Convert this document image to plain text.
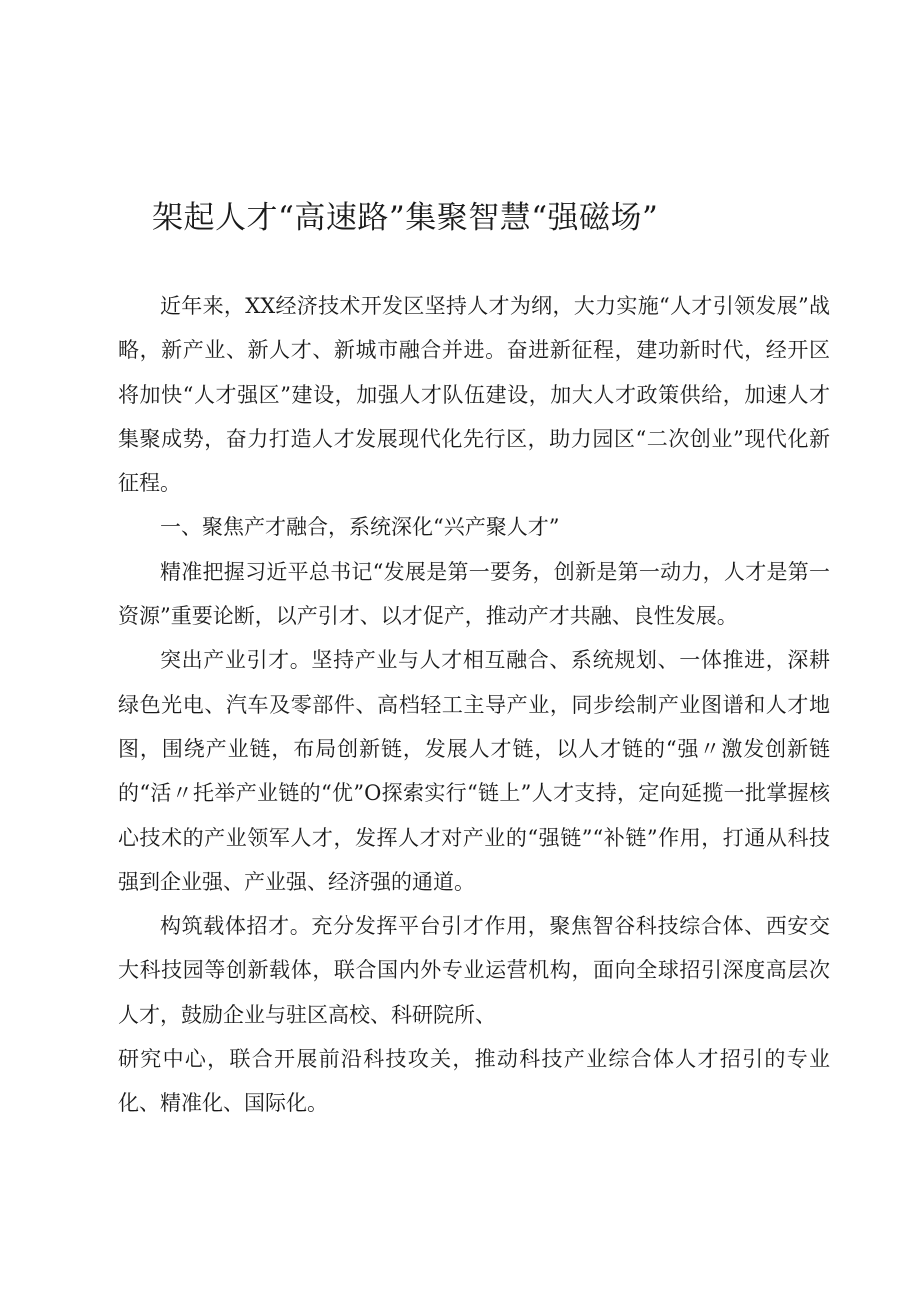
架起人才“高速路”集聚智慧“强磁场”

近年来，XX经济技术开发区坚持人才为纲，大力实施“人才引领发展”战略，新产业、新人才、新城市融合并进。奋进新征程，建功新时代，经开区将加快“人才强区”建设，加强人才队伍建设，加大人才政策供给，加速人才集聚成势，奋力打造人才发展现代化先行区，助力园区“二次创业”现代化新征程。

一、聚焦产才融合，系统深化“兴产聚人才”

精准把握习近平总书记“发展是第一要务，创新是第一动力，人才是第一资源”重要论断，以产引才、以才促产，推动产才共融、良性发展。

突出产业引才。坚持产业与人才相互融合、系统规划、一体推进，深耕绿色光电、汽车及零部件、高档轻工主导产业，同步绘制产业图谱和人才地图，围绕产业链，布局创新链，发展人才链，以人才链的“强〃激发创新链的“活〃托举产业链的“优”O探索实行“链上”人才支持，定向延揽一批掌握核心技术的产业领军人才，发挥人才对产业的“强链”“补链”作用，打通从科技强到企业强、产业强、经济强的通道。

构筑载体招才。充分发挥平台引才作用，聚焦智谷科技综合体、西安交大科技园等创新载体，联合国内外专业运营机构，面向全球招引深度高层次人才，鼓励企业与驻区高校、科研院所、

研究中心，联合开展前沿科技攻关，推动科技产业综合体人才招引的专业化、精准化、国际化。
